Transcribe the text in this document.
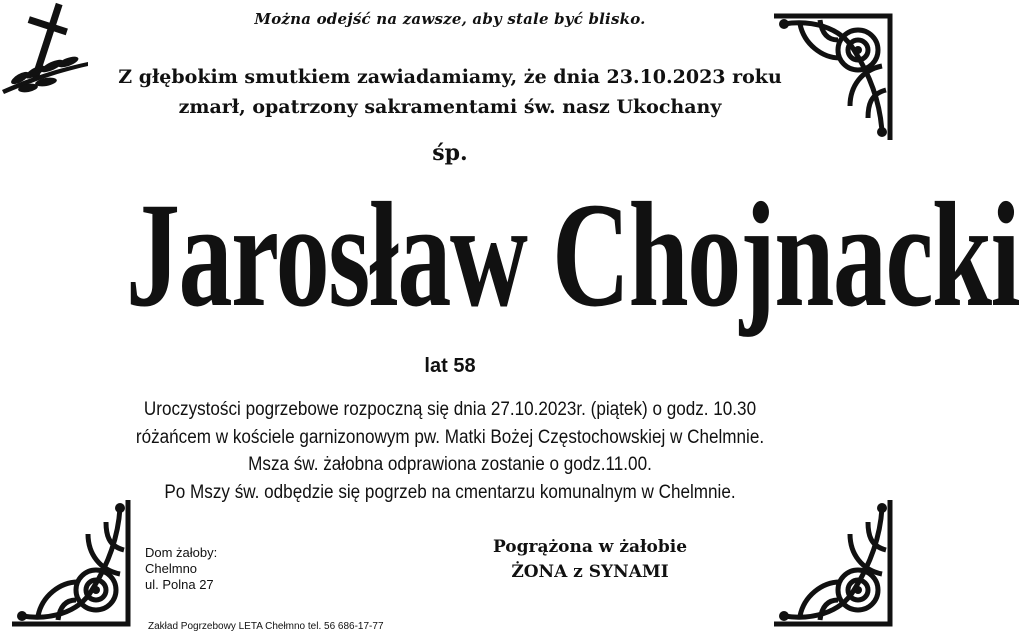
Można odejść na zawsze, aby stale być blisko.
Z głębokim smutkiem zawiadamiamy, że dnia 23.10.2023 roku
zmarł, opatrzony sakramentami św. nasz Ukochany
śp.
Jarosław Chojnacki
lat 58
Uroczystości pogrzebowe rozpoczną się dnia 27.10.2023r. (piątek) o godz. 10.30
różańcem w kościele garnizonowym pw. Matki Bożej Częstochowskiej w Chelmnie.
Msza św. żałobna odprawiona zostanie o godz.11.00.
Po Mszy św. odbędzie się pogrzeb na cmentarzu komunalnym w Chelmnie.
Dom żałoby:
Chelmno
ul. Polna 27
Pogrążona w żałobie
ŻONA z SYNAMI
Zakład Pogrzebowy LETA Chełmno tel. 56 686-17-77
